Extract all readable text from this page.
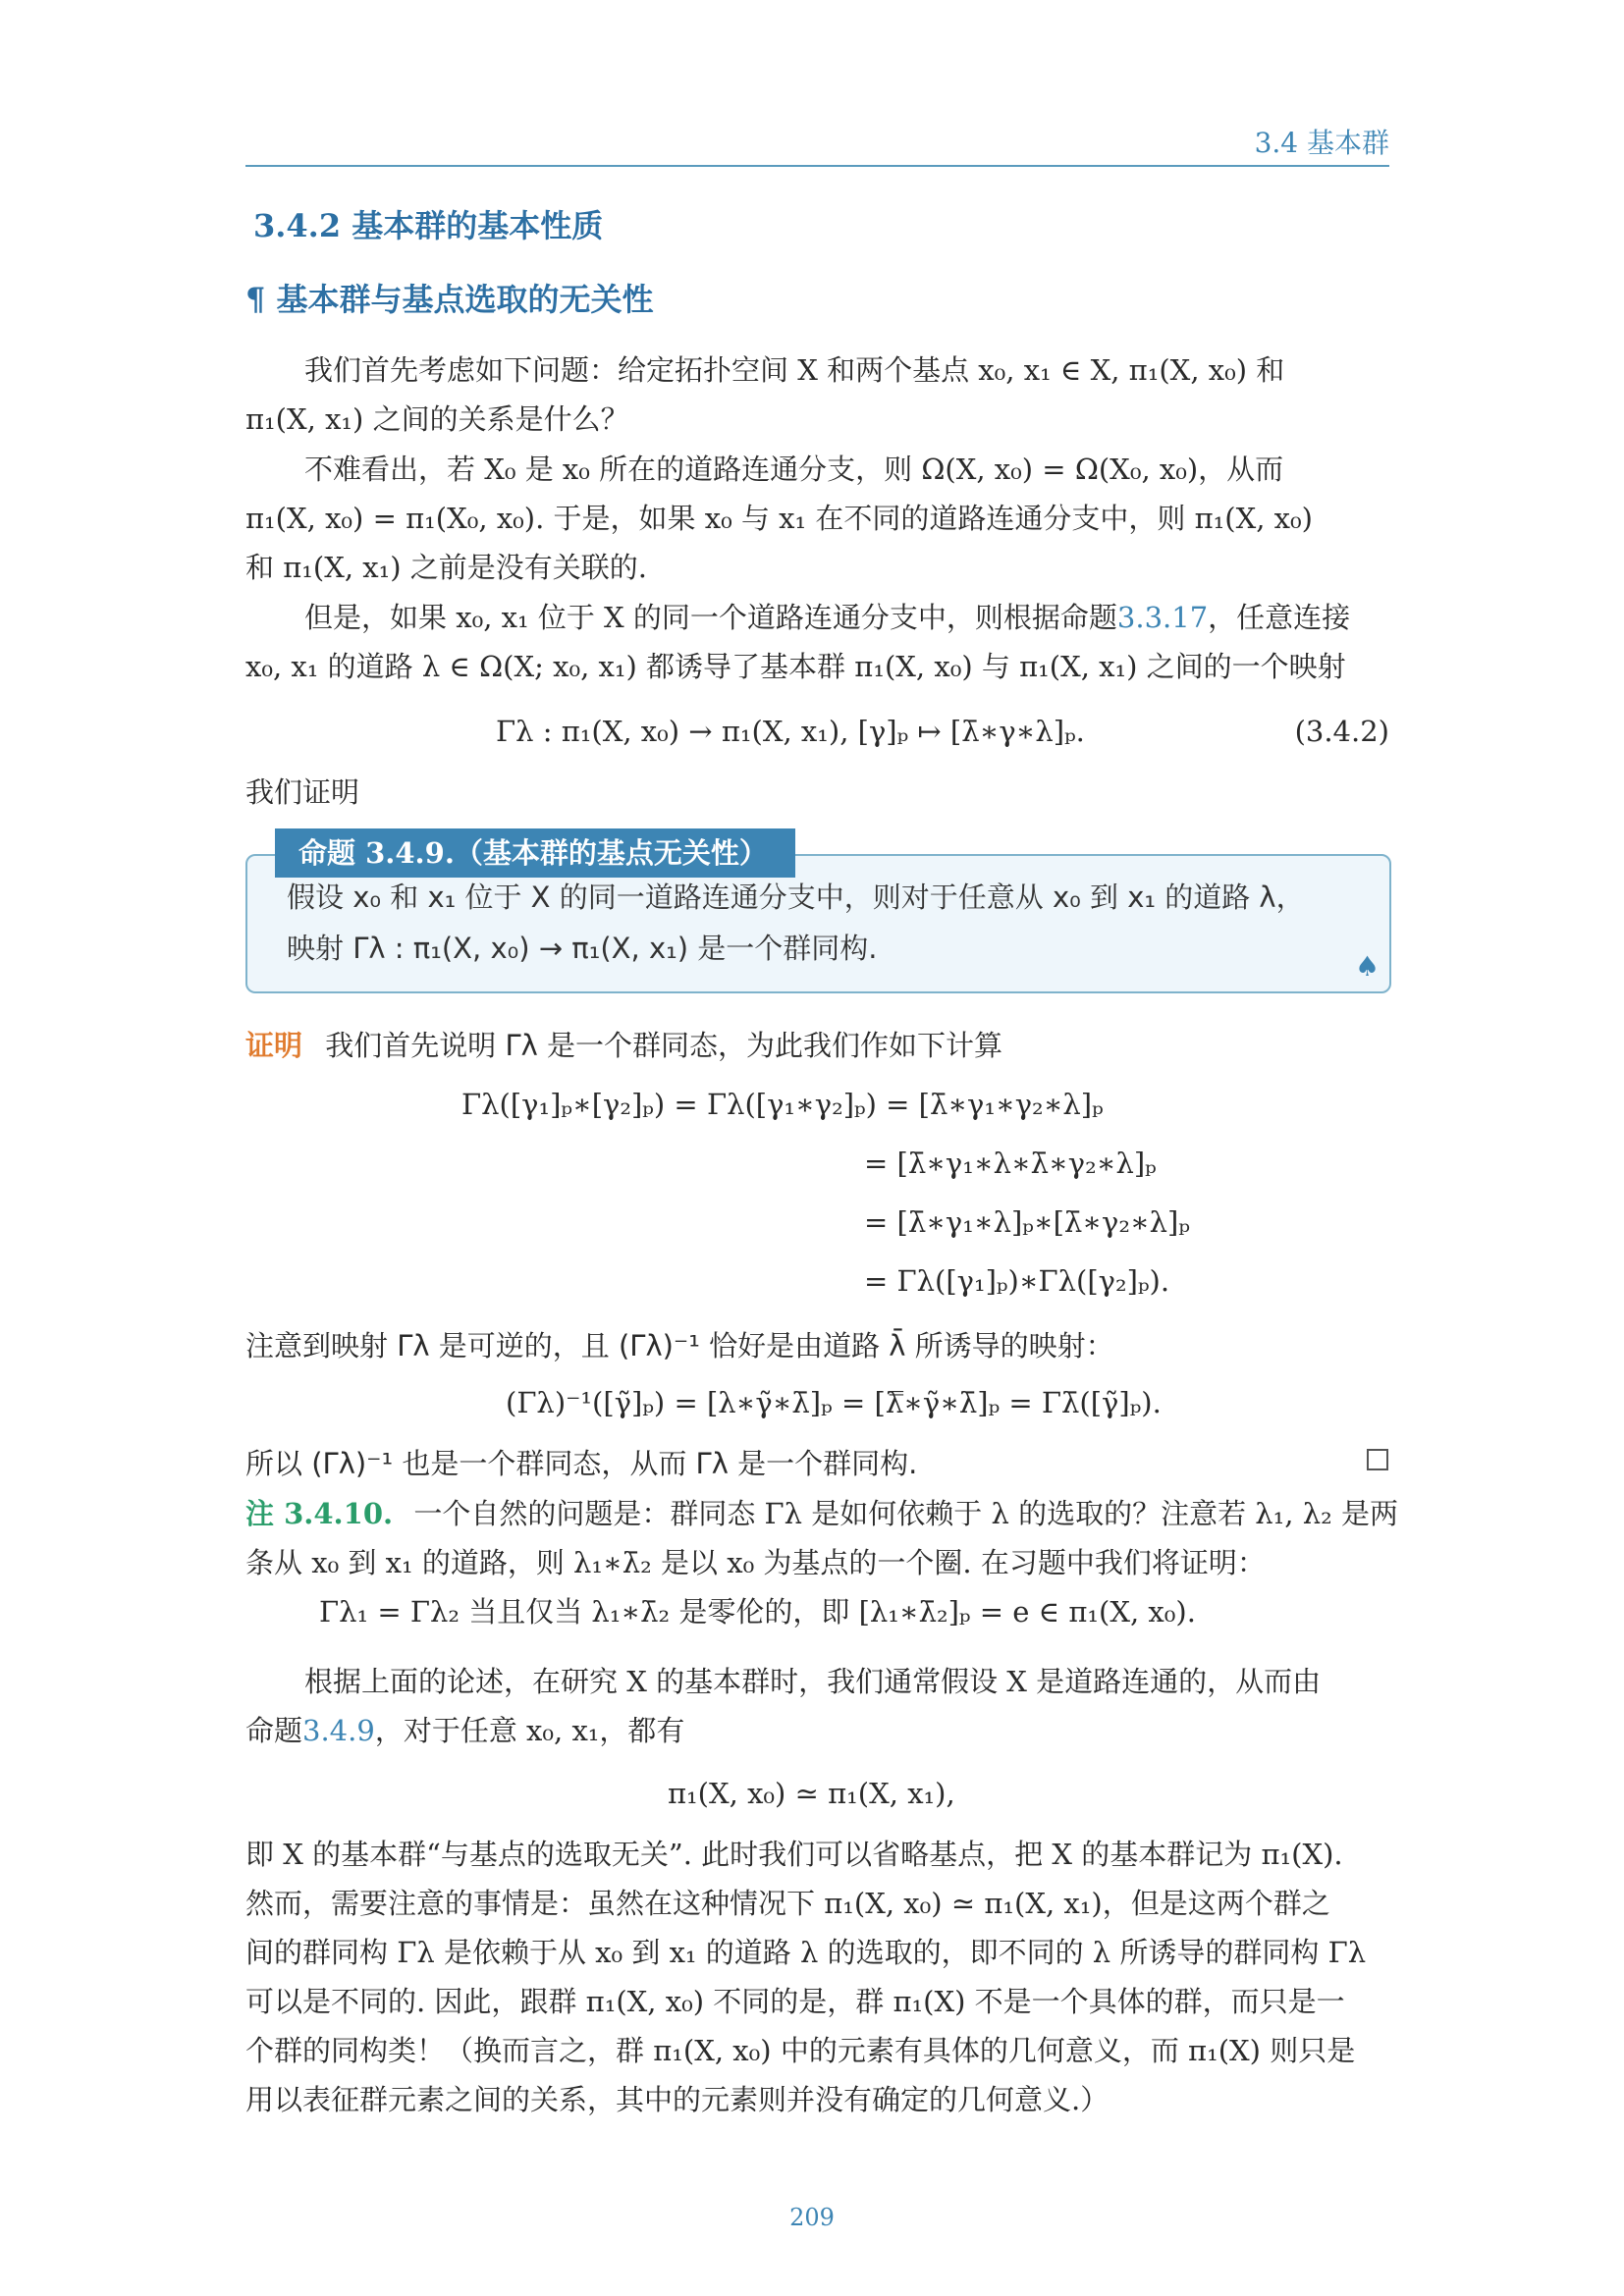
3.4 基本群
3.4.2 基本群的基本性质
¶ 基本群与基点选取的无关性
我们首先考虑如下问题：给定拓扑空间 X 和两个基点 x₀, x₁ ∈ X, π₁(X, x₀) 和
π₁(X, x₁) 之间的关系是什么？
不难看出，若 X₀ 是 x₀ 所在的道路连通分支，则 Ω(X, x₀) = Ω(X₀, x₀)，从而
π₁(X, x₀) = π₁(X₀, x₀). 于是，如果 x₀ 与 x₁ 在不同的道路连通分支中，则 π₁(X, x₀)
和 π₁(X, x₁) 之前是没有关联的.
但是，如果 x₀, x₁ 位于 X 的同一个道路连通分支中，则根据命题3.3.17，任意连接
x₀, x₁ 的道路 λ ∈ Ω(X; x₀, x₁) 都诱导了基本群 π₁(X, x₀) 与 π₁(X, x₁) 之间的一个映射
Γλ : π₁(X, x₀) → π₁(X, x₁), [γ]ₚ ↦ [λ̄∗γ∗λ]ₚ.	(3.4.2)
我们证明
命题 3.4.9.（基本群的基点无关性）
假设 x₀ 和 x₁ 位于 X 的同一道路连通分支中，则对于任意从 x₀ 到 x₁ 的道路 λ，
映射 Γλ : π₁(X, x₀) → π₁(X, x₁) 是一个群同构.
♠
证明 我们首先说明 Γλ 是一个群同态，为此我们作如下计算
Γλ([γ₁]ₚ∗[γ₂]ₚ) = Γλ([γ₁∗γ₂]ₚ) = [λ̄∗γ₁∗γ₂∗λ]ₚ
= [λ̄∗γ₁∗λ∗λ̄∗γ₂∗λ]ₚ
= [λ̄∗γ₁∗λ]ₚ∗[λ̄∗γ₂∗λ]ₚ
= Γλ([γ₁]ₚ)∗Γλ([γ₂]ₚ).
注意到映射 Γλ 是可逆的，且 (Γλ)⁻¹ 恰好是由道路 λ̄ 所诱导的映射：
(Γλ)⁻¹([γ̃]ₚ) = [λ∗γ̃∗λ̄]ₚ = [λ̿∗γ̃∗λ̄]ₚ = Γλ̄([γ̃]ₚ).
所以 (Γλ)⁻¹ 也是一个群同态，从而 Γλ 是一个群同构.
注 3.4.10. 一个自然的问题是：群同态 Γλ 是如何依赖于 λ 的选取的？注意若 λ₁, λ₂ 是两
条从 x₀ 到 x₁ 的道路，则 λ₁∗λ̄₂ 是以 x₀ 为基点的一个圈. 在习题中我们将证明：
Γλ₁ = Γλ₂ 当且仅当 λ₁∗λ̄₂ 是零伦的，即 [λ₁∗λ̄₂]ₚ = e ∈ π₁(X, x₀).
根据上面的论述，在研究 X 的基本群时，我们通常假设 X 是道路连通的，从而由
命题3.4.9，对于任意 x₀, x₁，都有
π₁(X, x₀) ≃ π₁(X, x₁),
即 X 的基本群“与基点的选取无关”. 此时我们可以省略基点，把 X 的基本群记为 π₁(X).
然而，需要注意的事情是：虽然在这种情况下 π₁(X, x₀) ≃ π₁(X, x₁)，但是这两个群之
间的群同构 Γλ 是依赖于从 x₀ 到 x₁ 的道路 λ 的选取的，即不同的 λ 所诱导的群同构 Γλ
可以是不同的. 因此，跟群 π₁(X, x₀) 不同的是，群 π₁(X) 不是一个具体的群，而只是一
个群的同构类！（换而言之，群 π₁(X, x₀) 中的元素有具体的几何意义，而 π₁(X) 则只是
用以表征群元素之间的关系，其中的元素则并没有确定的几何意义.）
209
